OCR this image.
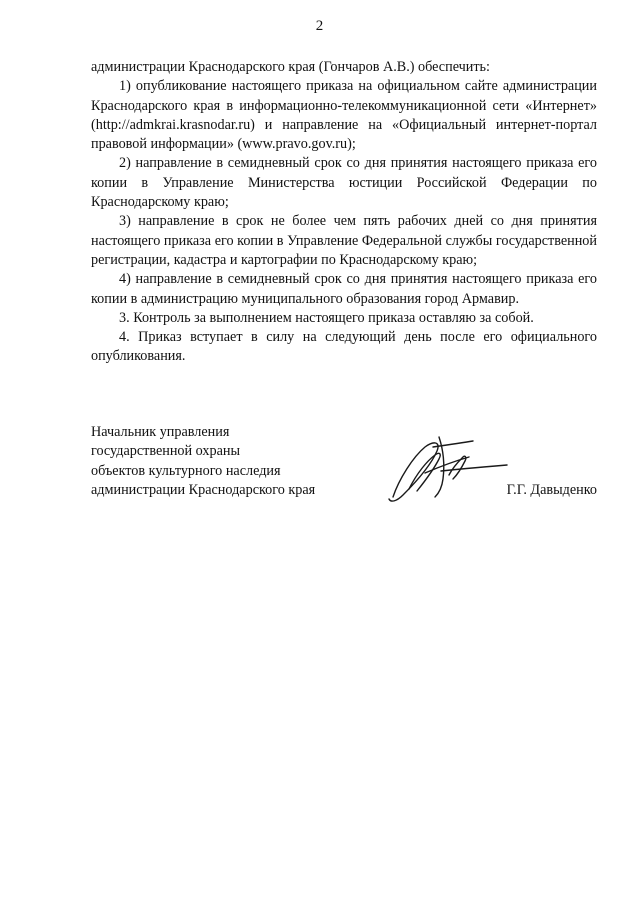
2

администрации Краснодарского края (Гончаров А.В.) обеспечить:

1) опубликование настоящего приказа на официальном сайте администрации Краснодарского края в информационно-телекоммуникационной сети «Интернет» (http://admkrai.krasnodar.ru) и направление на «Официальный интернет-портал правовой информации» (www.pravo.gov.ru);

2) направление в семидневный срок со дня принятия настоящего приказа его копии в Управление Министерства юстиции Российской Федерации по Краснодарскому краю;

3) направление в срок не более чем пять рабочих дней со дня принятия настоящего приказа его копии в Управление Федеральной службы государственной регистрации, кадастра и картографии по Краснодарскому краю;

4) направление в семидневный срок со дня принятия настоящего приказа его копии в администрацию муниципального образования город Армавир.

3. Контроль за выполнением настоящего приказа оставляю за собой.

4. Приказ вступает в силу на следующий день после его официального опубликования.

Начальник управления
государственной охраны
объектов культурного наследия
администрации Краснодарского края	Г.Г. Давыденко
